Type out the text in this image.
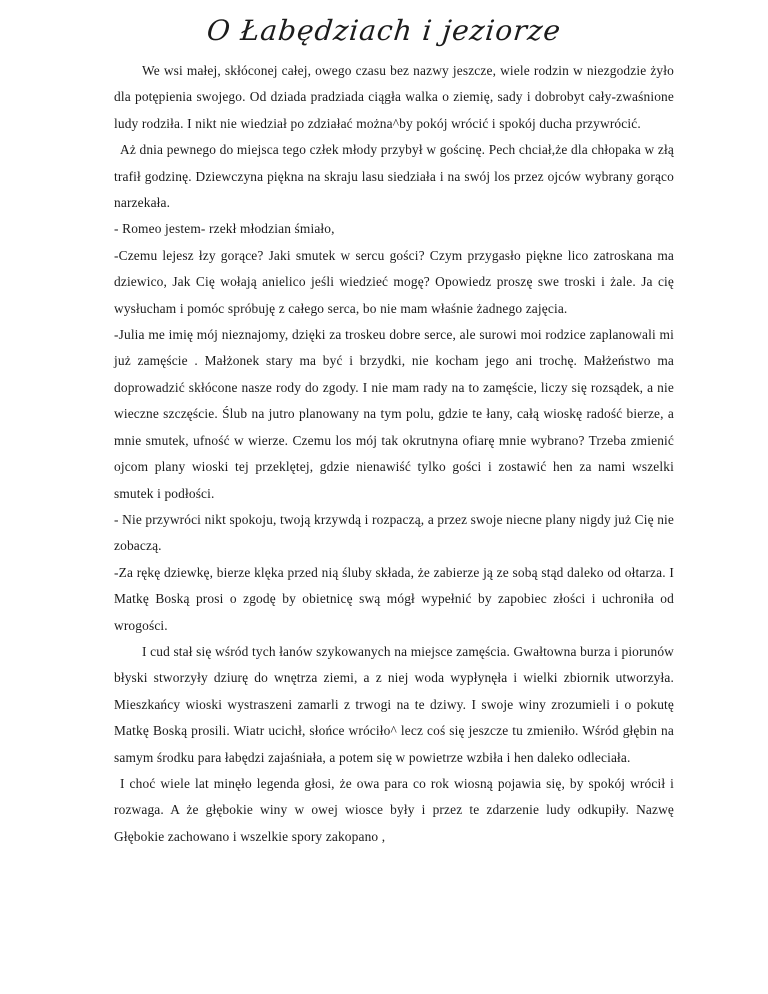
O Łabędziach i jeziorze

We wsi małej, skłóconej całej, owego czasu bez nazwy jeszcze, wiele rodzin w niezgodzie żyło dla potępienia swojego. Od dziada pradziada ciągła walka o ziemię, sady i dobrobyt cały-zwaśnione ludy rodziła. I nikt nie wiedział po zdziałać można^by pokój wrócić i spokój ducha przywrócić.

Aż dnia pewnego do miejsca tego człek młody przybył w gościnę. Pech chciał,że dla chłopaka w złą trafił godzinę. Dziewczyna piękna na skraju lasu siedziała i na swój los przez ojców wybrany gorąco narzekała.

- Romeo jestem- rzekł młodzian śmiało,

-Czemu lejesz łzy gorące? Jaki smutek w sercu gości? Czym przygasło piękne lico zatroskana ma dziewico, Jak Cię wołają anielico jeśli wiedzieć mogę? Opowiedz proszę swe troski i żale. Ja cię wysłucham i pomóc spróbuję z całego serca, bo nie mam właśnie żadnego zajęcia.

-Julia me imię mój nieznajomy, dzięki za troskeu dobre serce, ale surowi moi rodzice zaplanowali mi już zamęście . Małżonek stary ma być i brzydki, nie kocham jego ani trochę. Małżeństwo ma doprowadzić skłócone nasze rody do zgody. I nie mam rady na to zamęście, liczy się rozsądek, a nie wieczne szczęście. Ślub na jutro planowany na tym polu, gdzie te łany, całą wioskę radość bierze, a mnie smutek, ufność w wierze. Czemu los mój tak okrutnyna ofiarę mnie wybrano? Trzeba zmienić ojcom plany wioski tej przeklętej, gdzie nienawiść tylko gości i zostawić hen za nami wszelki smutek i podłości.

- Nie przywróci nikt spokoju, twoją krzywdą i rozpaczą, a przez swoje niecne plany nigdy już Cię nie zobaczą.

-Za rękę dziewkę, bierze klęka przed nią śluby składa, że zabierze ją ze sobą stąd daleko od ołtarza. I Matkę Boską prosi o zgodę by obietnicę swą mógł wypełnić by zapobiec złości i uchroniła od wrogości.

I cud stał się wśród tych łanów szykowanych na miejsce zamęścia. Gwałtowna burza i piorunów błyski stworzyły dziurę do wnętrza ziemi, a z niej woda wypłynęła i wielki zbiornik utworzyła. Mieszkańcy wioski wystraszeni zamarli z trwogi na te dziwy. I swoje winy zrozumieli i o pokutę Matkę Boską prosili. Wiatr ucichł, słońce wróciło^ lecz coś się jeszcze tu zmieniło. Wśród głębin na samym środku para łabędzi zajaśniała, a potem się w powietrze wzbiła i hen daleko odleciała.

I choć wiele lat minęło legenda głosi, że owa para co rok wiosną pojawia się, by spokój wrócił i rozwaga. A że głębokie winy w owej wiosce były i przez te zdarzenie ludy odkupiły. Nazwę Głębokie zachowano i wszelkie spory zakopano ,
